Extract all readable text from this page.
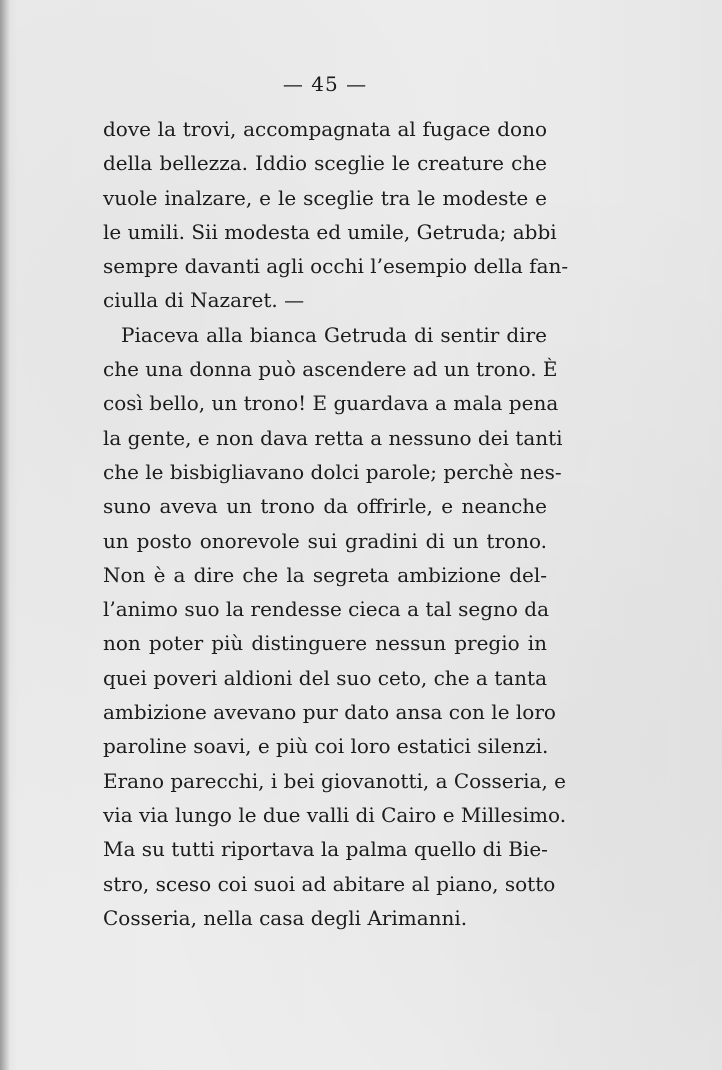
— 45 —
dove la trovi, accompagnata al fugace dono
della bellezza. Iddio sceglie le creature che
vuole inalzare, e le sceglie tra le modeste e
le umili. Sii modesta ed umile, Getruda; abbi
sempre davanti agli occhi l’esempio della fan-
ciulla di Nazaret. —
Piaceva alla bianca Getruda di sentir dire
che una donna può ascendere ad un trono. È
così bello, un trono! E guardava a mala pena
la gente, e non dava retta a nessuno dei tanti
che le bisbigliavano dolci parole; perchè nes-
suno aveva un trono da offrirle, e neanche
un posto onorevole sui gradini di un trono.
Non è a dire che la segreta ambizione del-
l’animo suo la rendesse cieca a tal segno da
non poter più distinguere nessun pregio in
quei poveri aldioni del suo ceto, che a tanta
ambizione avevano pur dato ansa con le loro
paroline soavi, e più coi loro estatici silenzi.
Erano parecchi, i bei giovanotti, a Cosseria, e
via via lungo le due valli di Cairo e Millesimo.
Ma su tutti riportava la palma quello di Bie-
stro, sceso coi suoi ad abitare al piano, sotto
Cosseria, nella casa degli Arimanni.
